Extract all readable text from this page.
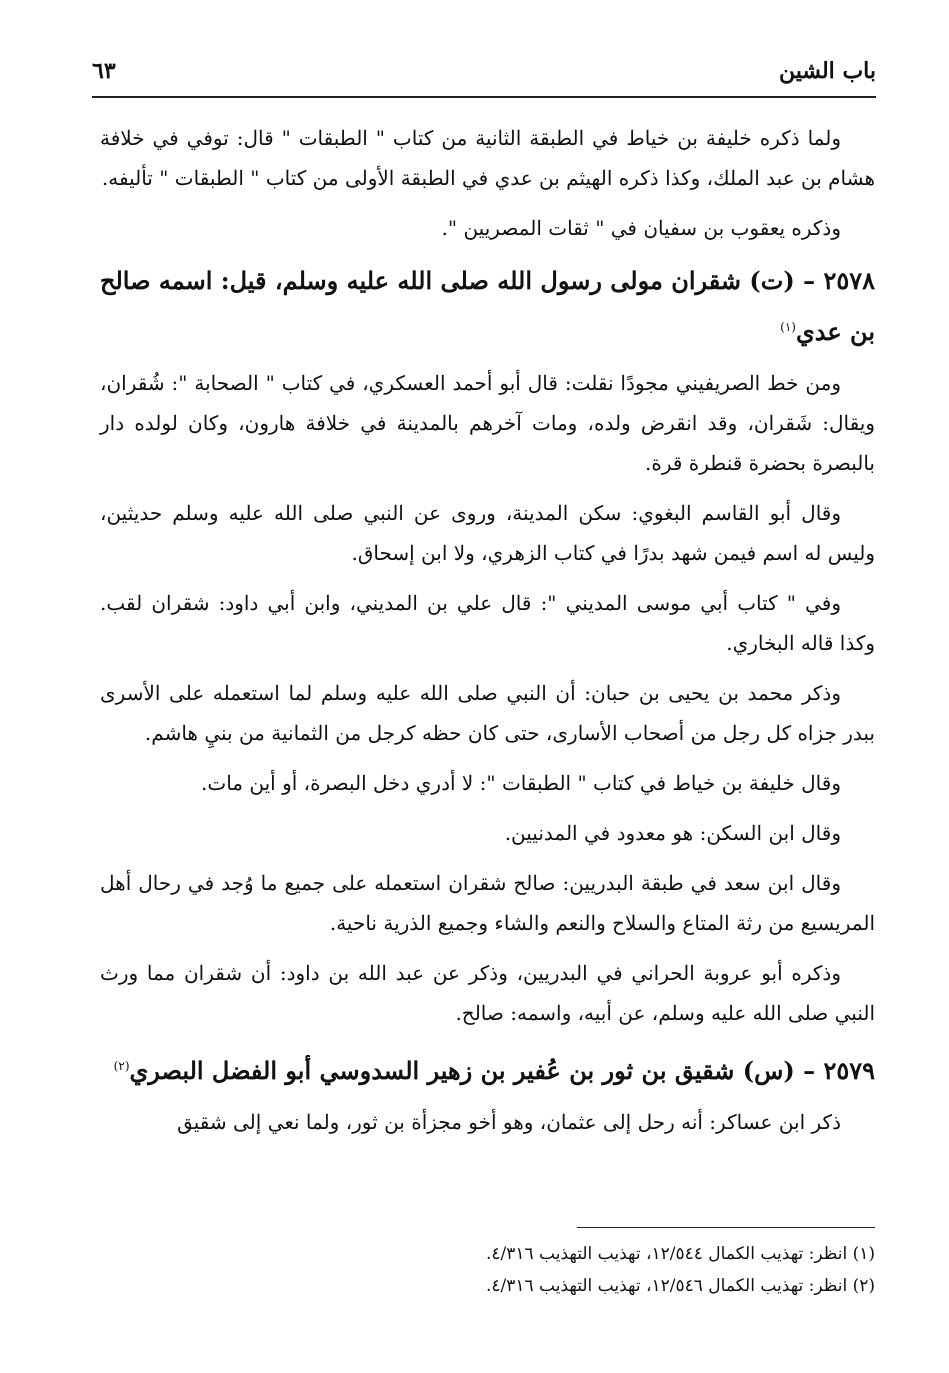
باب الشين
٦٣

ولما ذكره خليفة بن خياط في الطبقة الثانية من كتاب " الطبقات " قال: توفي في خلافة هشام بن عبد الملك، وكذا ذكره الهيثم بن عدي في الطبقة الأولى من كتاب " الطبقات " تأليفه.

وذكره يعقوب بن سفيان في " ثقات المصريين ".

٢٥٧٨ – (ت) شقران مولى رسول الله صلى الله عليه وسلم، قيل: اسمه صالح بن عدي$^{(١)}$

ومن خط الصريفيني مجودًا نقلت: قال أبو أحمد العسكري، في كتاب " الصحابة ": شُقران، ويقال: شَقران، وقد انقرض ولده، ومات آخرهم بالمدينة في خلافة هارون، وكان لولده دار بالبصرة بحضرة قنطرة قرة.

وقال أبو القاسم البغوي: سكن المدينة، وروى عن النبي صلى الله عليه وسلم حديثين، وليس له اسم فيمن شهد بدرًا في كتاب الزهري، ولا ابن إسحاق.

وفي " كتاب أبي موسى المديني ": قال علي بن المديني، وابن أبي داود: شقران لقب. وكذا قاله البخاري.

وذكر محمد بن يحيى بن حبان: أن النبي صلى الله عليه وسلم لما استعمله على الأسرى ببدر جزاه كل رجل من أصحاب الأسارى، حتى كان حظه كرجل من الثمانية من بنيِ هاشم.

وقال خليفة بن خياط في كتاب " الطبقات ": لا أدري دخل البصرة، أو أين مات.

وقال ابن السكن: هو معدود في المدنيين.

وقال ابن سعد في طبقة البدريين: صالح شقران استعمله على جميع ما وُجد في رحال أهل المريسيع من رثة المتاع والسلاح والنعم والشاء وجميع الذرية ناحية.

وذكره أبو عروبة الحراني في البدريين، وذكر عن عبد الله بن داود: أن شقران مما ورث النبي صلى الله عليه وسلم، عن أبيه، واسمه: صالح.

٢٥٧٩ – (س) شقيق بن ثور بن عُفير بن زهير السدوسي أبو الفضل البصري$^{(٢)}$

ذكر ابن عساكر: أنه رحل إلى عثمان، وهو أخو مجزأة بن ثور، ولما نعي إلى شقيق

(١) انظر: تهذيب الكمال ١٢/٥٤٤، تهذيب التهذيب ٤/٣١٦.

(٢) انظر: تهذيب الكمال ١٢/٥٤٦، تهذيب التهذيب ٤/٣١٦.
